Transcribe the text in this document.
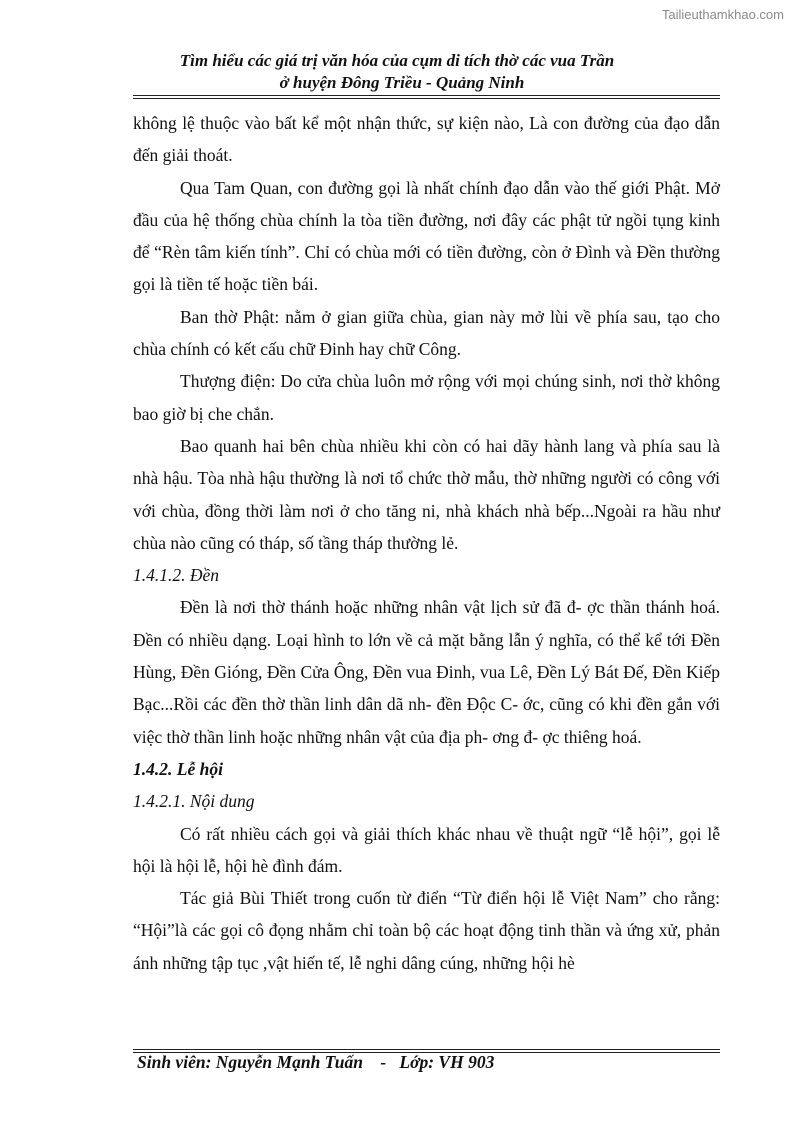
Tailieuthamkhao.com
Tìm hiểu các giá trị văn hóa của cụm di tích thờ các vua Trần
ở huyện Đông Triều - Quảng Ninh

không lệ thuộc vào bất kể một nhận thức, sự kiện nào, Là con đường của đạo dẫn đến giải thoát.

Qua Tam Quan, con đường gọi là nhất chính đạo dẫn vào thế giới Phật. Mở đầu của hệ thống chùa chính la tòa tiền đường, nơi đây các phật tử ngồi tụng kinh để “Rèn tâm kiến tính”. Chỉ có chùa mới có tiền đường, còn ở Đình và Đền thường gọi là tiền tế hoặc tiền bái.

Ban thờ Phật: nằm ở gian giữa chùa, gian này mở lùi về phía sau, tạo cho chùa chính có kết cấu chữ Đinh hay chữ Công.

Thượng điện: Do cửa chùa luôn mở rộng với mọi chúng sinh, nơi thờ không bao giờ bị che chắn.

Bao quanh hai bên chùa nhiều khi còn có hai dãy hành lang và phía sau là nhà hậu. Tòa nhà hậu thường là nơi tổ chức thờ mẫu, thờ những người có công với với chùa, đồng thời làm nơi ở cho tăng ni, nhà khách nhà bếp...Ngoài ra hầu như chùa nào cũng có tháp, số tầng tháp thường lẻ.

1.4.1.2. Đền

Đền là nơi thờ thánh hoặc những nhân vật lịch sử đã đ- ợc thần thánh hoá. Đền có nhiều dạng. Loại hình to lớn về cả mặt bằng lẫn ý nghĩa, có thể kể tới Đền Hùng, Đền Gióng, Đền Cửa Ông, Đền vua Đinh, vua Lê, Đền Lý Bát Đế, Đền Kiếp Bạc...Rồi các đền thờ thần linh dân dã nh- đền Độc C- ớc, cũng có khi đền gắn với việc thờ thần linh hoặc những nhân vật của địa ph- ơng đ- ợc thiêng hoá.

1.4.2. Lễ hội

1.4.2.1. Nội dung

Có rất nhiều cách gọi và giải thích khác nhau về thuật ngữ “lễ hội”, gọi lễ hội là hội lễ, hội hè đình đám.

Tác giả Bùi Thiết trong cuốn từ điển “Từ điển hội lễ Việt Nam” cho rằng: “Hội”là các gọi cô đọng nhằm chỉ toàn bộ các hoạt động tinh thần và ứng xử, phản ánh những tập tục ,vật hiến tế, lễ nghi dâng cúng, những hội hè

Sinh viên: Nguyễn Mạnh Tuấn    -   Lớp: VH 903
